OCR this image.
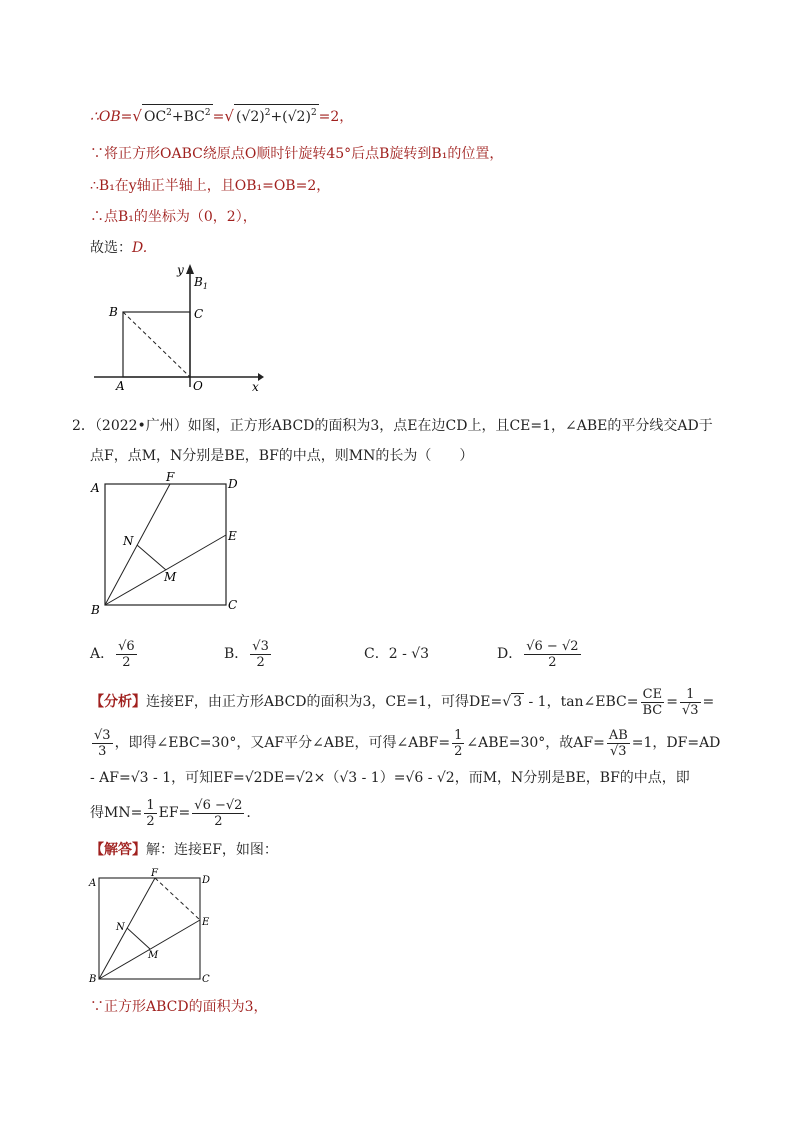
∴OB=√ $OC^2+BC^2$ =√ $(√2)^2+(√2)^2 =2$，
∵将正方形OABC绕原点O顺时针旋转45°后点B旋转到B₁的位置，
∴B₁在y轴正半轴上，且OB₁=OB=2，
∴点B₁的坐标为（0，2），
故选：D.
y
$B_1$
B	C
A	O	x
2．（2022•广州）如图，正方形ABCD的面积为3，点E在边CD上，且CE=1，∠ABE的平分线交AD于
点F，点M，N分别是BE，BF的中点，则MN的长为（　　）
A
F	D
E
N
M
B	C
A． $\frac{√6}{2}$	B． $\frac{√3}{2}$	C．2 - √3	D． $\frac{√6 - √2}{2}$
【分析】连接EF，由正方形ABCD的面积为3，CE=1，可得DE=√ 3 - 1，tan∠EBC= $\frac{CE}{BC} = \frac{1}{√3}$ =
$\frac{√3}{3}$ ，即得∠EBC=30°，又AF平分∠ABE，可得∠ABF= $\frac{1}{2}$ ∠ABE=30°，故$AF= \frac{AB}{√3} =1$，DF=AD
- AF=√3 - 1，可知EF=√2DE=√2×（√3 - 1）=√6 - √2，而M，N分别是BE，BF的中点，即
得$MN= \frac{1}{2} EF= \frac{√6 -√2}{2}$ .
【解答】解：连接EF，如图：
A
F
D
E
N
M
B	C
∵正方形ABCD的面积为3，
